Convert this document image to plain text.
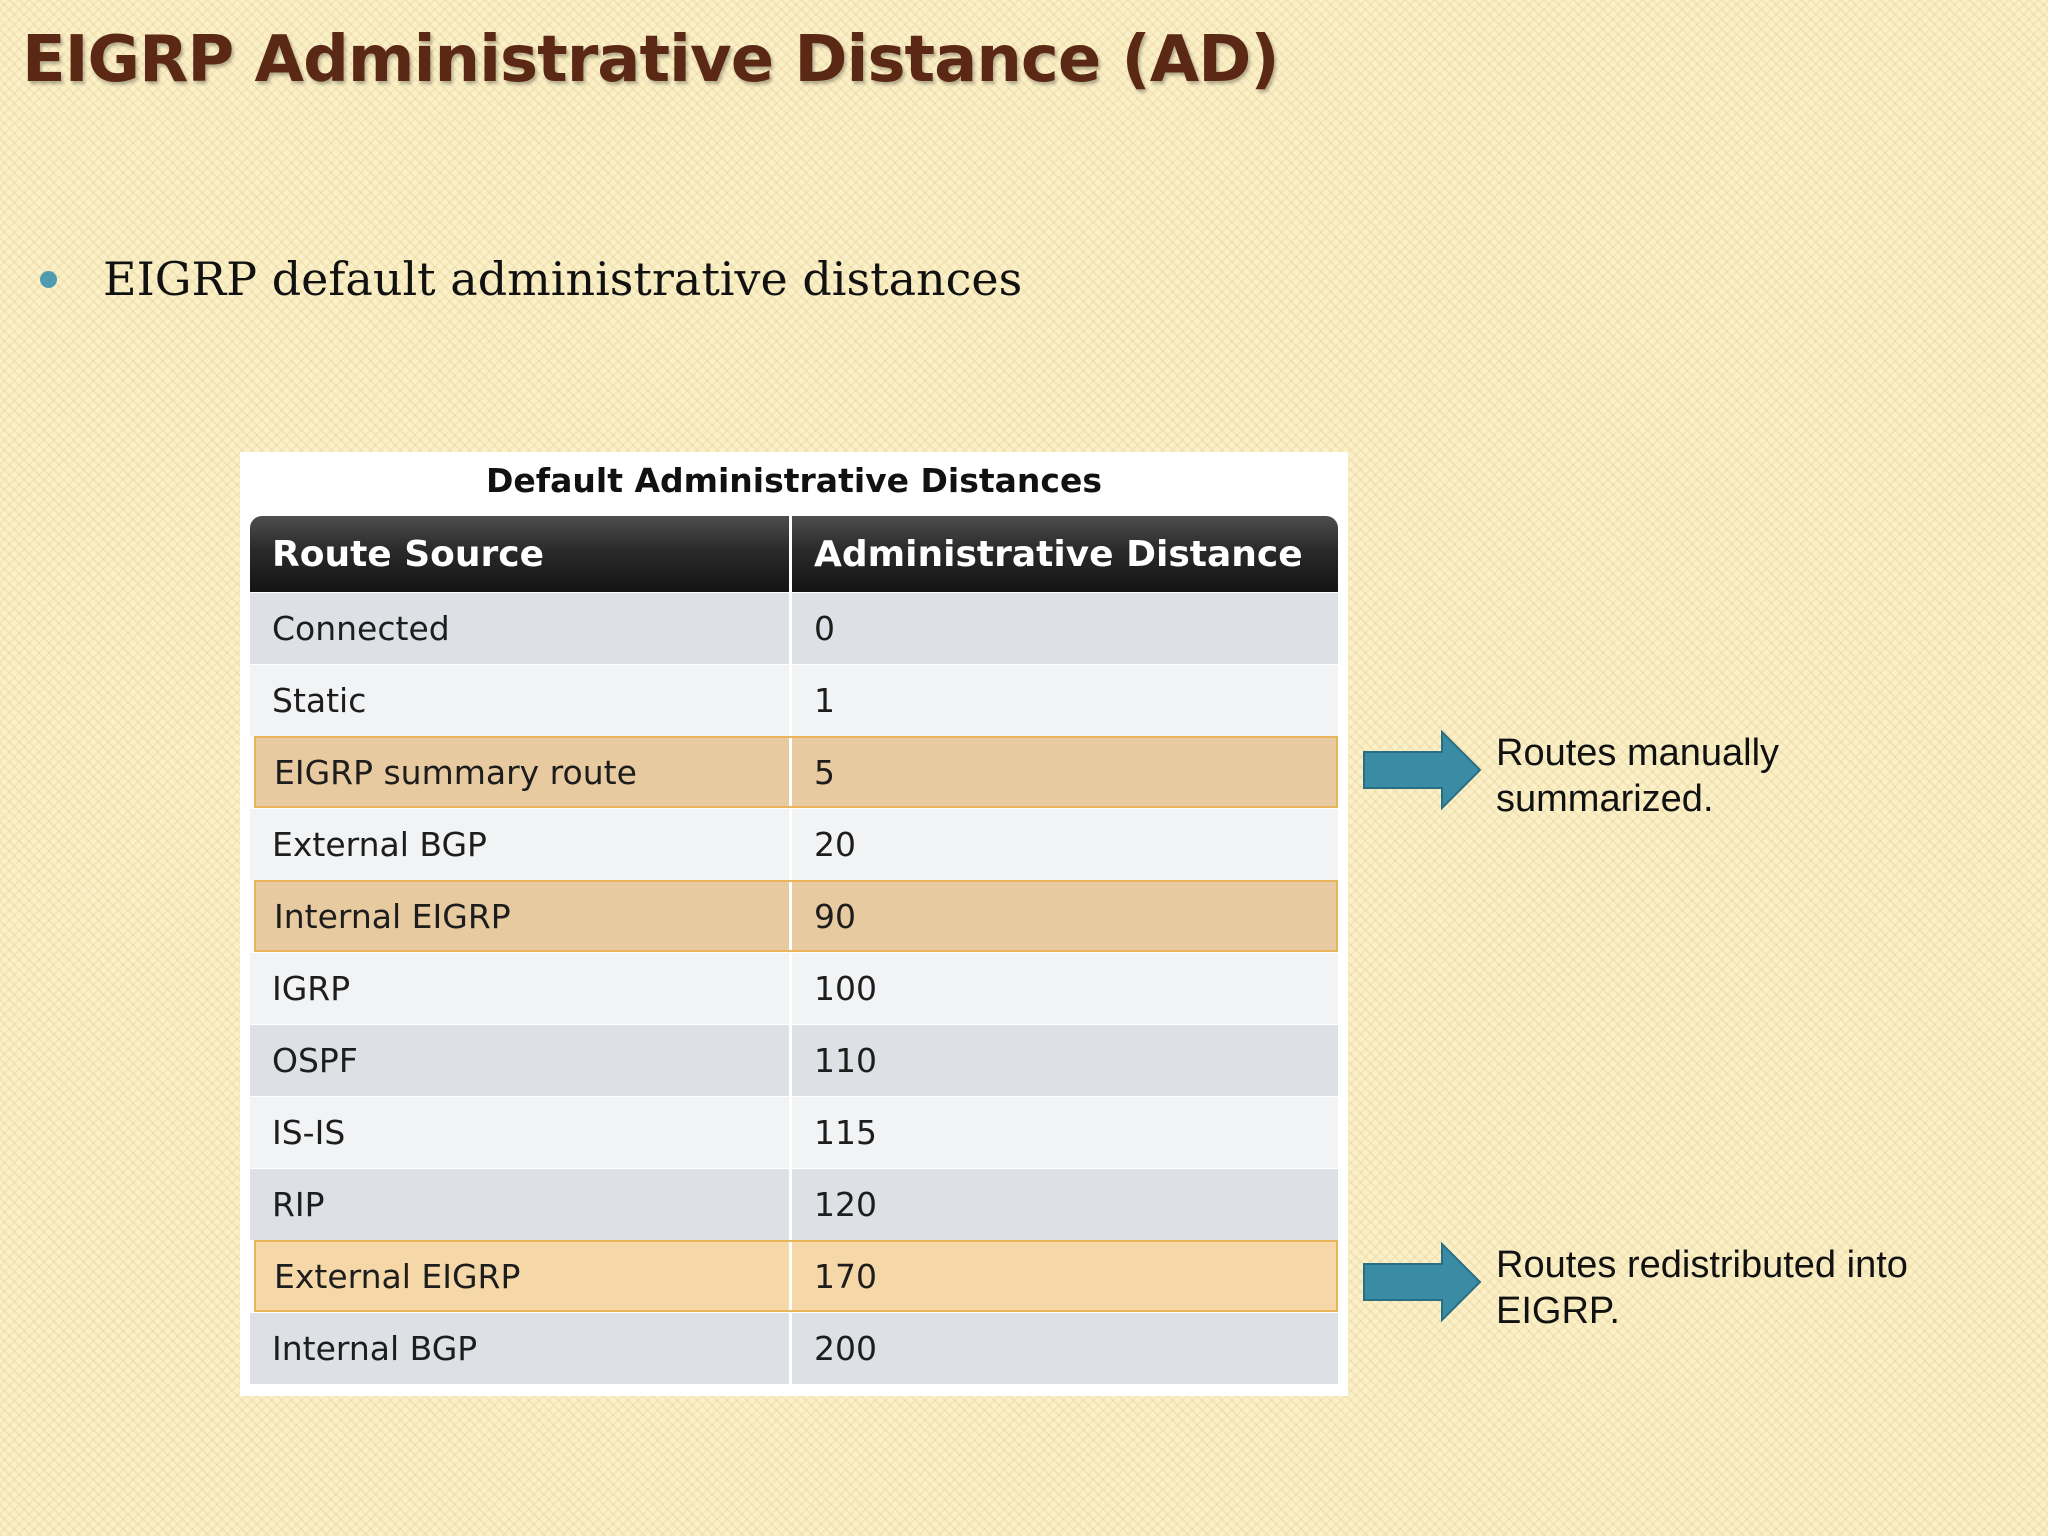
EIGRP Administrative Distance (AD)
EIGRP default administrative distances
Default Administrative Distances
Route Source	Administrative Distance
Connected	0
Static	1
EIGRP summary route	5
External BGP	20
Internal EIGRP	90
IGRP	100
OSPF	110
IS-IS	115
RIP	120
External EIGRP	170
Internal BGP	200
Routes manually
summarized.
Routes redistributed into
EIGRP.
